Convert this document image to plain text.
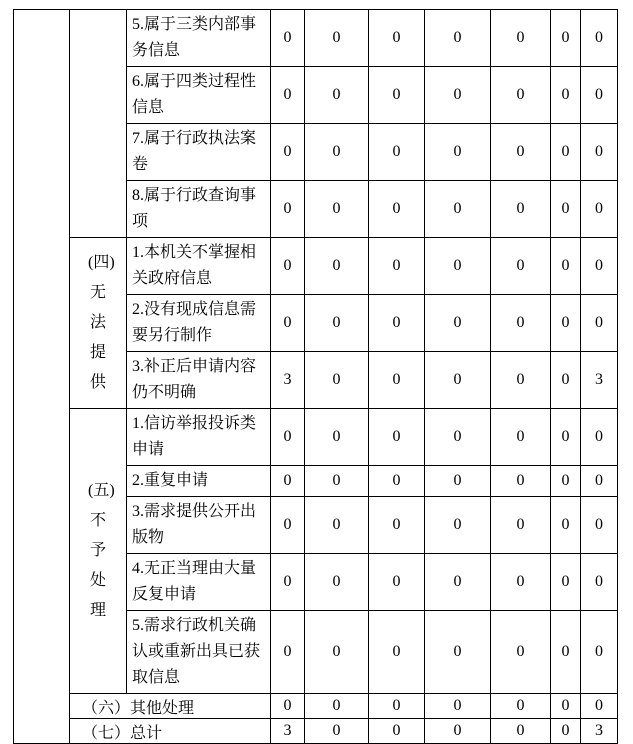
		5.属于三类内部事务信息	0	0	0	0	0	0	0
		6.属于四类过程性信息	0	0	0	0	0	0	0
		7.属于行政执法案卷	0	0	0	0	0	0	0
		8.属于行政查询事项	0	0	0	0	0	0	0
	(四)无法提供	1.本机关不掌握相关政府信息	0	0	0	0	0	0	0
		2.没有现成信息需要另行制作	0	0	0	0	0	0	0
		3.补正后申请内容仍不明确	3	0	0	0	0	0	3
	(五)不予处理	1.信访举报投诉类申请	0	0	0	0	0	0	0
		2.重复申请	0	0	0	0	0	0	0
		3.需求提供公开出版物	0	0	0	0	0	0	0
		4.无正当理由大量反复申请	0	0	0	0	0	0	0
		5.需求行政机关确认或重新出具已获取信息	0	0	0	0	0	0	0
	（六）其他处理		0	0	0	0	0	0	0
	（七）总计		3	0	0	0	0	0	3
